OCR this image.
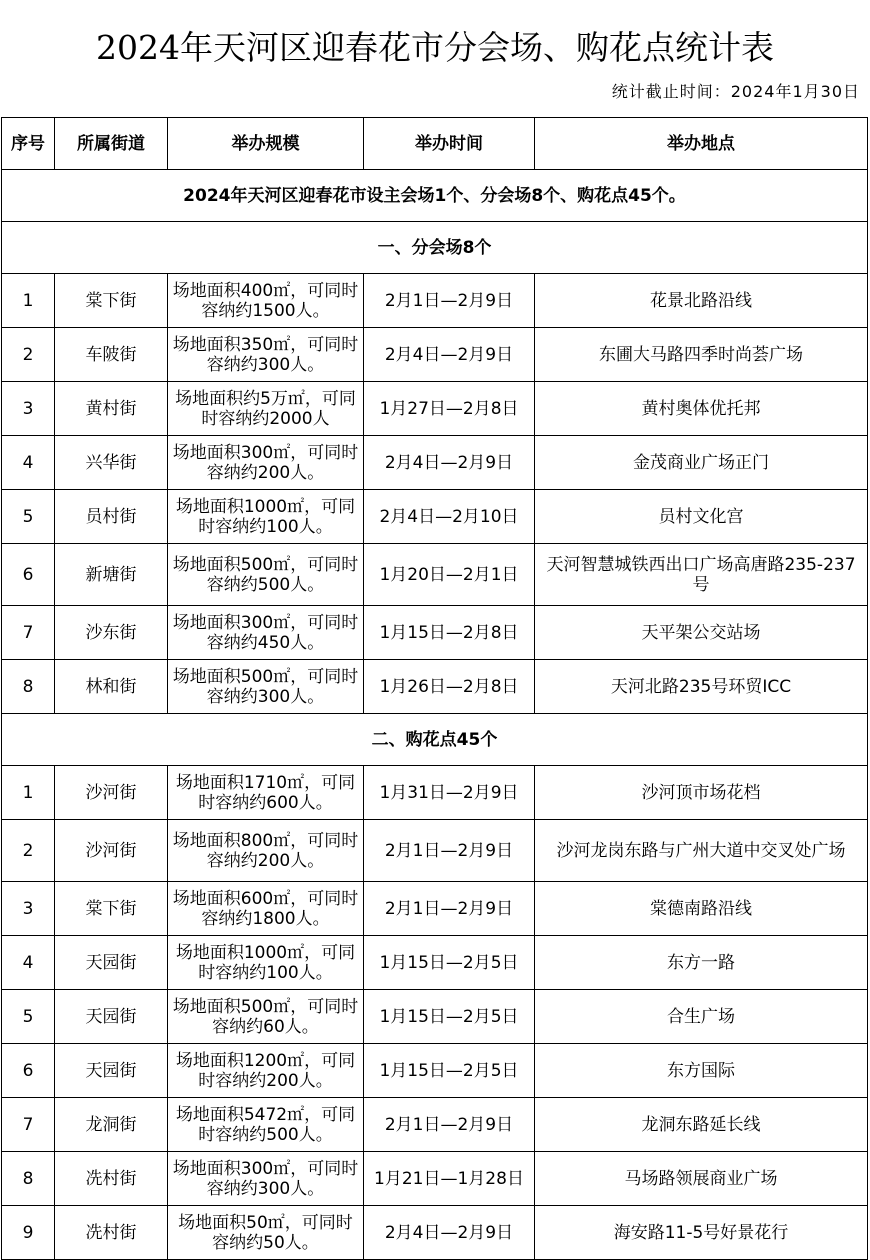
2024年天河区迎春花市分会场、购花点统计表
统计截止时间：2024年1月30日
序号	所属街道	举办规模	举办时间	举办地点
2024年天河区迎春花市设主会场1个、分会场8个、购花点45个。				
一、分会场8个				
1	棠下街	场地面积400㎡，可同时容纳约1500人。	2月1日—2月9日	花景北路沿线
2	车陂街	场地面积350㎡，可同时容纳约300人。	2月4日—2月9日	东圃大马路四季时尚荟广场
3	黄村街	场地面积约5万㎡，可同时容纳约2000人	1月27日—2月8日	黄村奥体优托邦
4	兴华街	场地面积300㎡，可同时容纳约200人。	2月4日—2月9日	金茂商业广场正门
5	员村街	场地面积1000㎡，可同时容纳约100人。	2月4日—2月10日	员村文化宫
6	新塘街	场地面积500㎡，可同时容纳约500人。	1月20日—2月1日	天河智慧城铁西出口广场高唐路235-237号
7	沙东街	场地面积300㎡，可同时容纳约450人。	1月15日—2月8日	天平架公交站场
8	林和街	场地面积500㎡，可同时容纳约300人。	1月26日—2月8日	天河北路235号环贸ICC
二、购花点45个				
1	沙河街	场地面积1710㎡，可同时容纳约600人。	1月31日—2月9日	沙河顶市场花档
2	沙河街	场地面积800㎡，可同时容纳约200人。	2月1日—2月9日	沙河龙岗东路与广州大道中交叉处广场
3	棠下街	场地面积600㎡，可同时容纳约1800人。	2月1日—2月9日	棠德南路沿线
4	天园街	场地面积1000㎡，可同时容纳约100人。	1月15日—2月5日	东方一路
5	天园街	场地面积500㎡，可同时容纳约60人。	1月15日—2月5日	合生广场
6	天园街	场地面积1200㎡，可同时容纳约200人。	1月15日—2月5日	东方国际
7	龙洞街	场地面积5472㎡，可同时容纳约500人。	2月1日—2月9日	龙洞东路延长线
8	冼村街	场地面积300㎡，可同时容纳约300人。	1月21日—1月28日	马场路领展商业广场
9	冼村街	场地面积50㎡，可同时容纳约50人。	2月4日—2月9日	海安路11-5号好景花行
